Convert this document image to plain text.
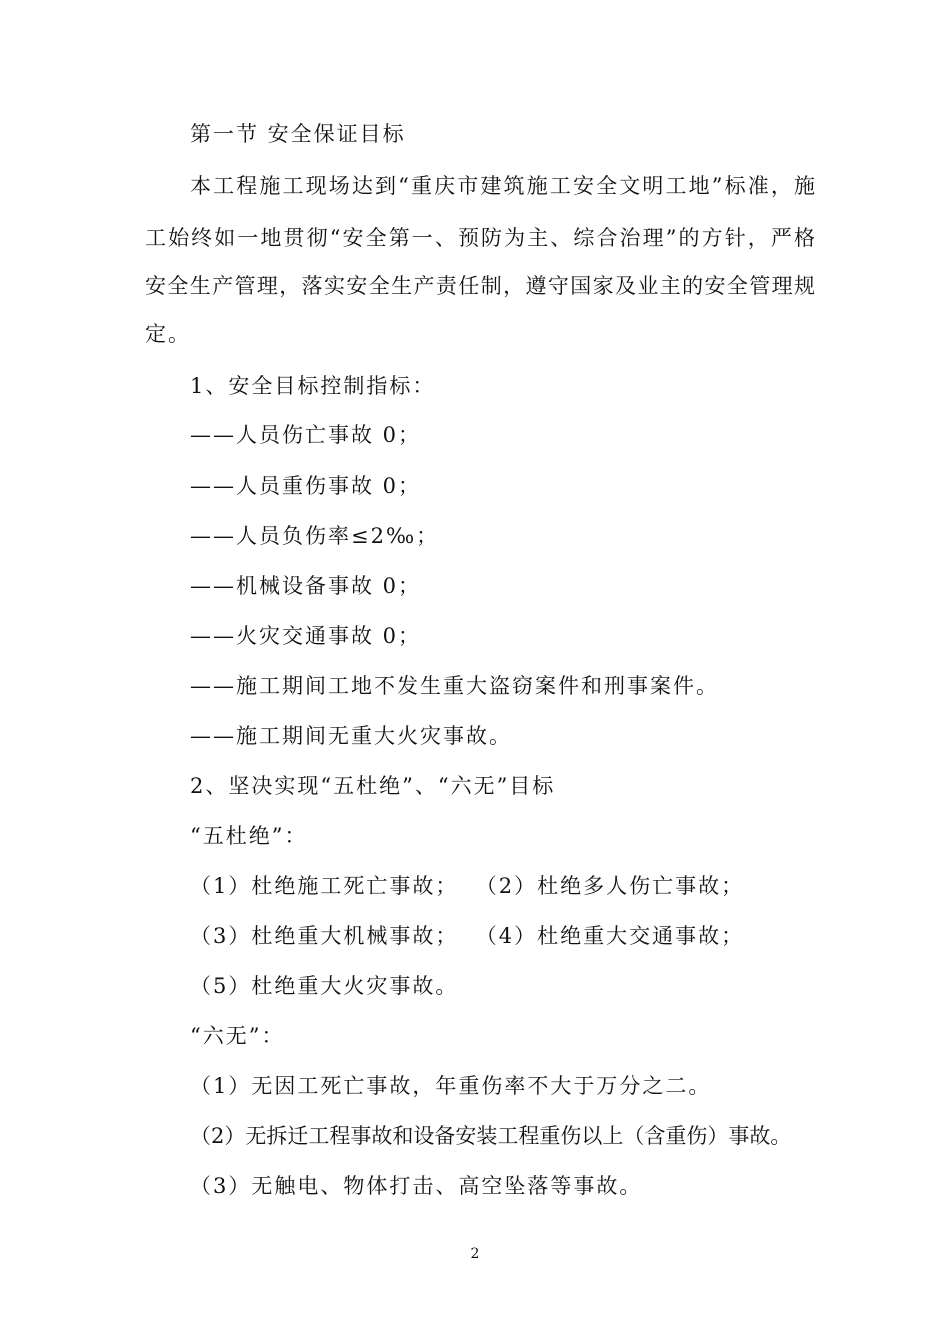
第一节 安全保证目标
本工程施工现场达到“重庆市建筑施工安全文明工地”标准，施
工始终如一地贯彻“安全第一、预防为主、综合治理”的方针，严格
安全生产管理，落实安全生产责任制，遵守国家及业主的安全管理规
定。
1、安全目标控制指标：
——人员伤亡事故 0；
——人员重伤事故 0；
——人员负伤率≤2‰；
——机械设备事故 0；
——火灾交通事故 0；
——施工期间工地不发生重大盗窃案件和刑事案件。
——施工期间无重大火灾事故。
2、坚决实现“五杜绝”、“六无”目标
“五杜绝”：
（1）杜绝施工死亡事故；  （2）杜绝多人伤亡事故；
（3）杜绝重大机械事故；  （4）杜绝重大交通事故；
（5）杜绝重大火灾事故。
“六无”：
（1）无因工死亡事故，年重伤率不大于万分之二。
（2）无拆迁工程事故和设备安装工程重伤以上（含重伤）事故。
（3）无触电、物体打击、高空坠落等事故。
2
